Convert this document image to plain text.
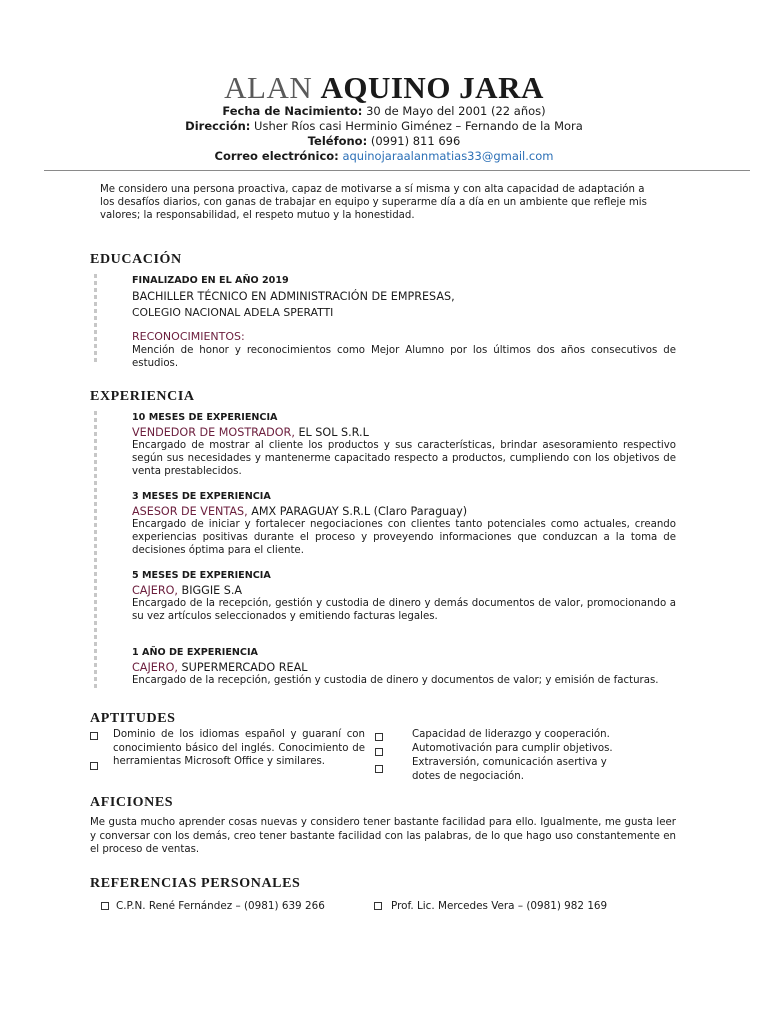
ALAN AQUINO JARA
Fecha de Nacimiento: 30 de Mayo del 2001 (22 años)
Dirección: Usher Ríos casi Herminio Giménez – Fernando de la Mora
Teléfono: (0991) 811 696
Correo electrónico: aquinojaraalanmatias33@gmail.com
Me considero una persona proactiva, capaz de motivarse a sí misma y con alta capacidad de adaptación a los desafíos diarios, con ganas de trabajar en equipo y superarme día a día en un ambiente que refleje mis valores; la responsabilidad, el respeto mutuo y la honestidad.
EDUCACIÓN
FINALIZADO EN EL AÑO 2019
BACHILLER TÉCNICO EN ADMINISTRACIÓN DE EMPRESAS,
COLEGIO NACIONAL ADELA SPERATTI
RECONOCIMIENTOS:
Mención de honor y reconocimientos como Mejor Alumno por los últimos dos años consecutivos de estudios.
EXPERIENCIA
10 MESES DE EXPERIENCIA
VENDEDOR DE MOSTRADOR, EL SOL S.R.L
Encargado de mostrar al cliente los productos y sus características, brindar asesoramiento respectivo según sus necesidades y mantenerme capacitado respecto a productos, cumpliendo con los objetivos de venta prestablecidos.
3 MESES DE EXPERIENCIA
ASESOR DE VENTAS, AMX PARAGUAY S.R.L (Claro Paraguay)
Encargado de iniciar y fortalecer negociaciones con clientes tanto potenciales como actuales, creando experiencias positivas durante el proceso y proveyendo informaciones que conduzcan a la toma de decisiones óptima para el cliente.
5 MESES DE EXPERIENCIA
CAJERO, BIGGIE S.A
Encargado de la recepción, gestión y custodia de dinero y demás documentos de valor, promocionando a su vez artículos seleccionados y emitiendo facturas legales.
1 AÑO DE EXPERIENCIA
CAJERO, SUPERMERCADO REAL
Encargado de la recepción, gestión y custodia de dinero y documentos de valor; y emisión de facturas.
APTITUDES
Dominio de los idiomas español y guaraní con conocimiento básico del inglés. Conocimiento de herramientas Microsoft Office y similares.
Capacidad de liderazgo y cooperación.
Automotivación para cumplir objetivos.
Extraversión, comunicación asertiva y dotes de negociación.
AFICIONES
Me gusta mucho aprender cosas nuevas y considero tener bastante facilidad para ello. Igualmente, me gusta leer y conversar con los demás, creo tener bastante facilidad con las palabras, de lo que hago uso constantemente en el proceso de ventas.
REFERENCIAS PERSONALES
C.P.N. René Fernández – (0981) 639 266	Prof. Lic. Mercedes Vera – (0981) 982 169
